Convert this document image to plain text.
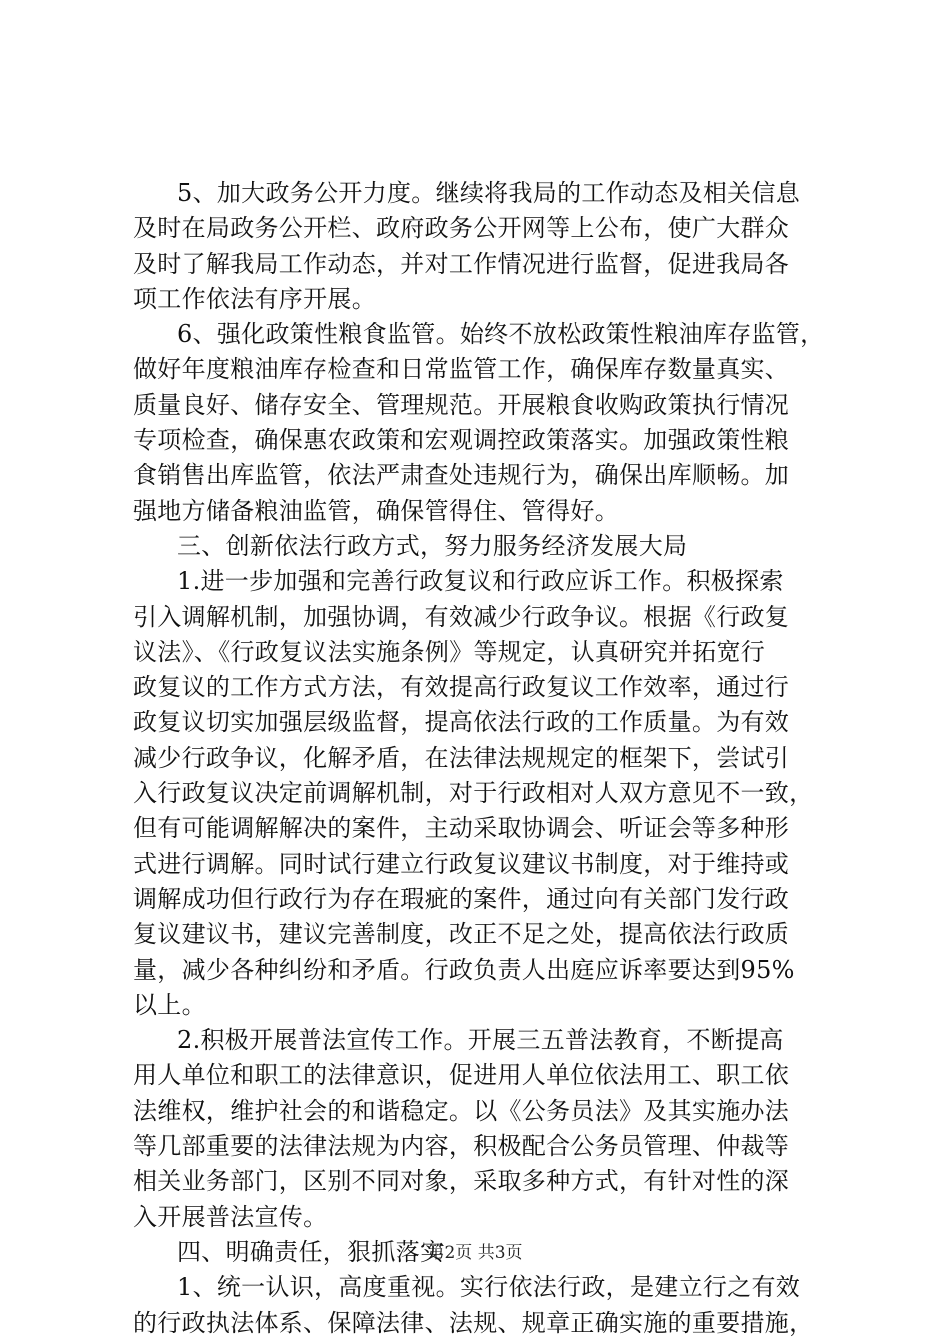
5、加大政务公开力度。继续将我局的工作动态及相关信息
及时在局政务公开栏、政府政务公开网等上公布，使广大群众
及时了解我局工作动态，并对工作情况进行监督，促进我局各
项工作依法有序开展。
6、强化政策性粮食监管。始终不放松政策性粮油库存监管，
做好年度粮油库存检查和日常监管工作，确保库存数量真实、
质量良好、储存安全、管理规范。开展粮食收购政策执行情况
专项检查，确保惠农政策和宏观调控政策落实。加强政策性粮
食销售出库监管，依法严肃查处违规行为，确保出库顺畅。加
强地方储备粮油监管，确保管得住、管得好。
三、创新依法行政方式，努力服务经济发展大局
1.进一步加强和完善行政复议和行政应诉工作。积极探索
引入调解机制，加强协调，有效减少行政争议。根据《行政复
议法》、《行政复议法实施条例》等规定，认真研究并拓宽行
政复议的工作方式方法，有效提高行政复议工作效率，通过行
政复议切实加强层级监督，提高依法行政的工作质量。为有效
减少行政争议，化解矛盾，在法律法规规定的框架下，尝试引
入行政复议决定前调解机制，对于行政相对人双方意见不一致，
但有可能调解解决的案件，主动采取协调会、听证会等多种形
式进行调解。同时试行建立行政复议建议书制度，对于维持或
调解成功但行政行为存在瑕疵的案件，通过向有关部门发行政
复议建议书，建议完善制度，改正不足之处，提高依法行政质
量，减少各种纠纷和矛盾。行政负责人出庭应诉率要达到95%
以上。
2.积极开展普法宣传工作。开展三五普法教育，不断提高
用人单位和职工的法律意识，促进用人单位依法用工、职工依
法维权，维护社会的和谐稳定。以《公务员法》及其实施办法
等几部重要的法律法规为内容，积极配合公务员管理、仲裁等
相关业务部门，区别不同对象，采取多种方式，有针对性的深
入开展普法宣传。
四、明确责任，狠抓落实
1、统一认识，高度重视。实行依法行政，是建立行之有效
的行政执法体系、保障法律、法规、规章正确实施的重要措施，
第2页 共3页
